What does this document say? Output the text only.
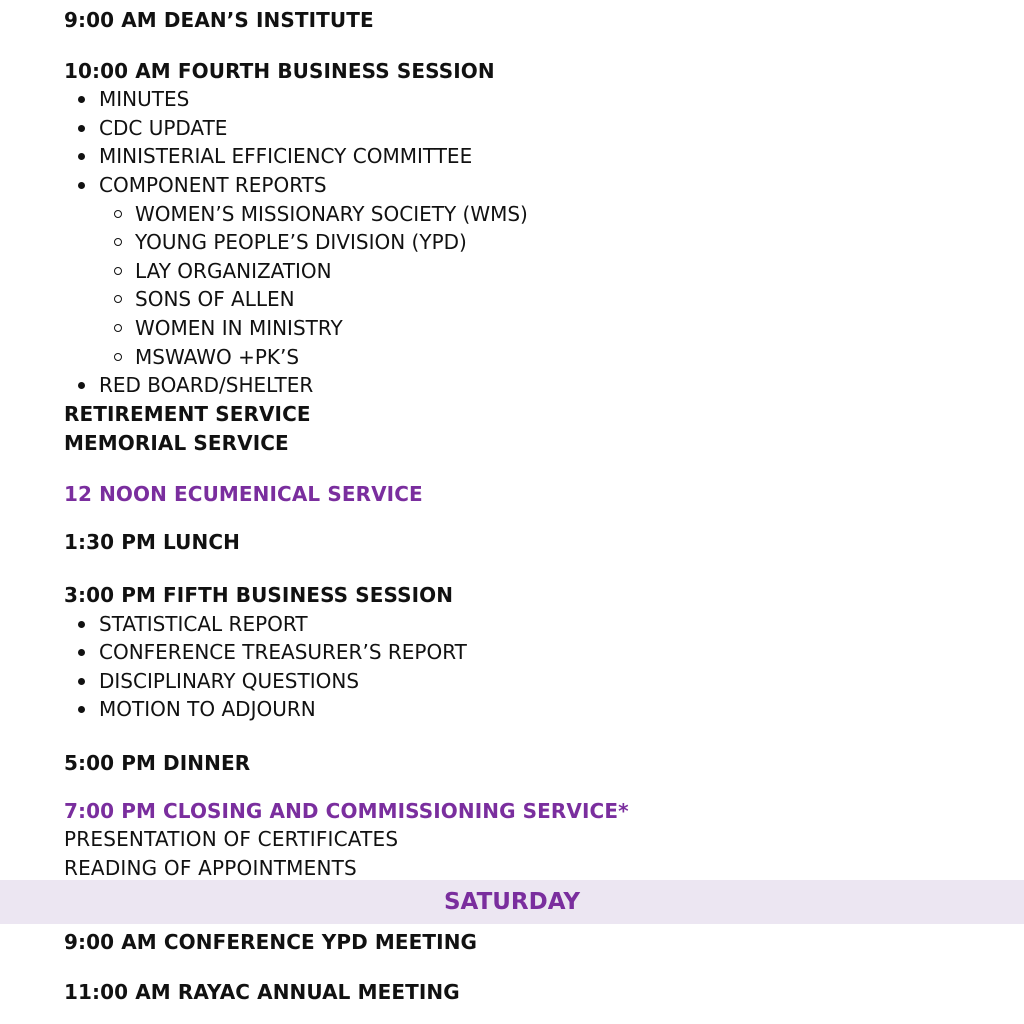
9:00 AM DEAN’S INSTITUTE
10:00 AM FOURTH BUSINESS SESSION
MINUTES
CDC UPDATE
MINISTERIAL EFFICIENCY COMMITTEE
COMPONENT REPORTS
WOMEN’S MISSIONARY SOCIETY (WMS)
YOUNG PEOPLE’S DIVISION (YPD)
LAY ORGANIZATION
SONS OF ALLEN
WOMEN IN MINISTRY
MSWAWO +PK’S
RED BOARD/SHELTER
RETIREMENT SERVICE
MEMORIAL SERVICE
12 NOON ECUMENICAL SERVICE
1:30 PM LUNCH
3:00 PM FIFTH BUSINESS SESSION
STATISTICAL REPORT
CONFERENCE TREASURER’S REPORT
DISCIPLINARY QUESTIONS
MOTION TO ADJOURN
5:00 PM DINNER
7:00 PM CLOSING AND COMMISSIONING SERVICE*
PRESENTATION OF CERTIFICATES
READING OF APPOINTMENTS
SATURDAY
9:00 AM CONFERENCE YPD MEETING
11:00 AM RAYAC ANNUAL MEETING
